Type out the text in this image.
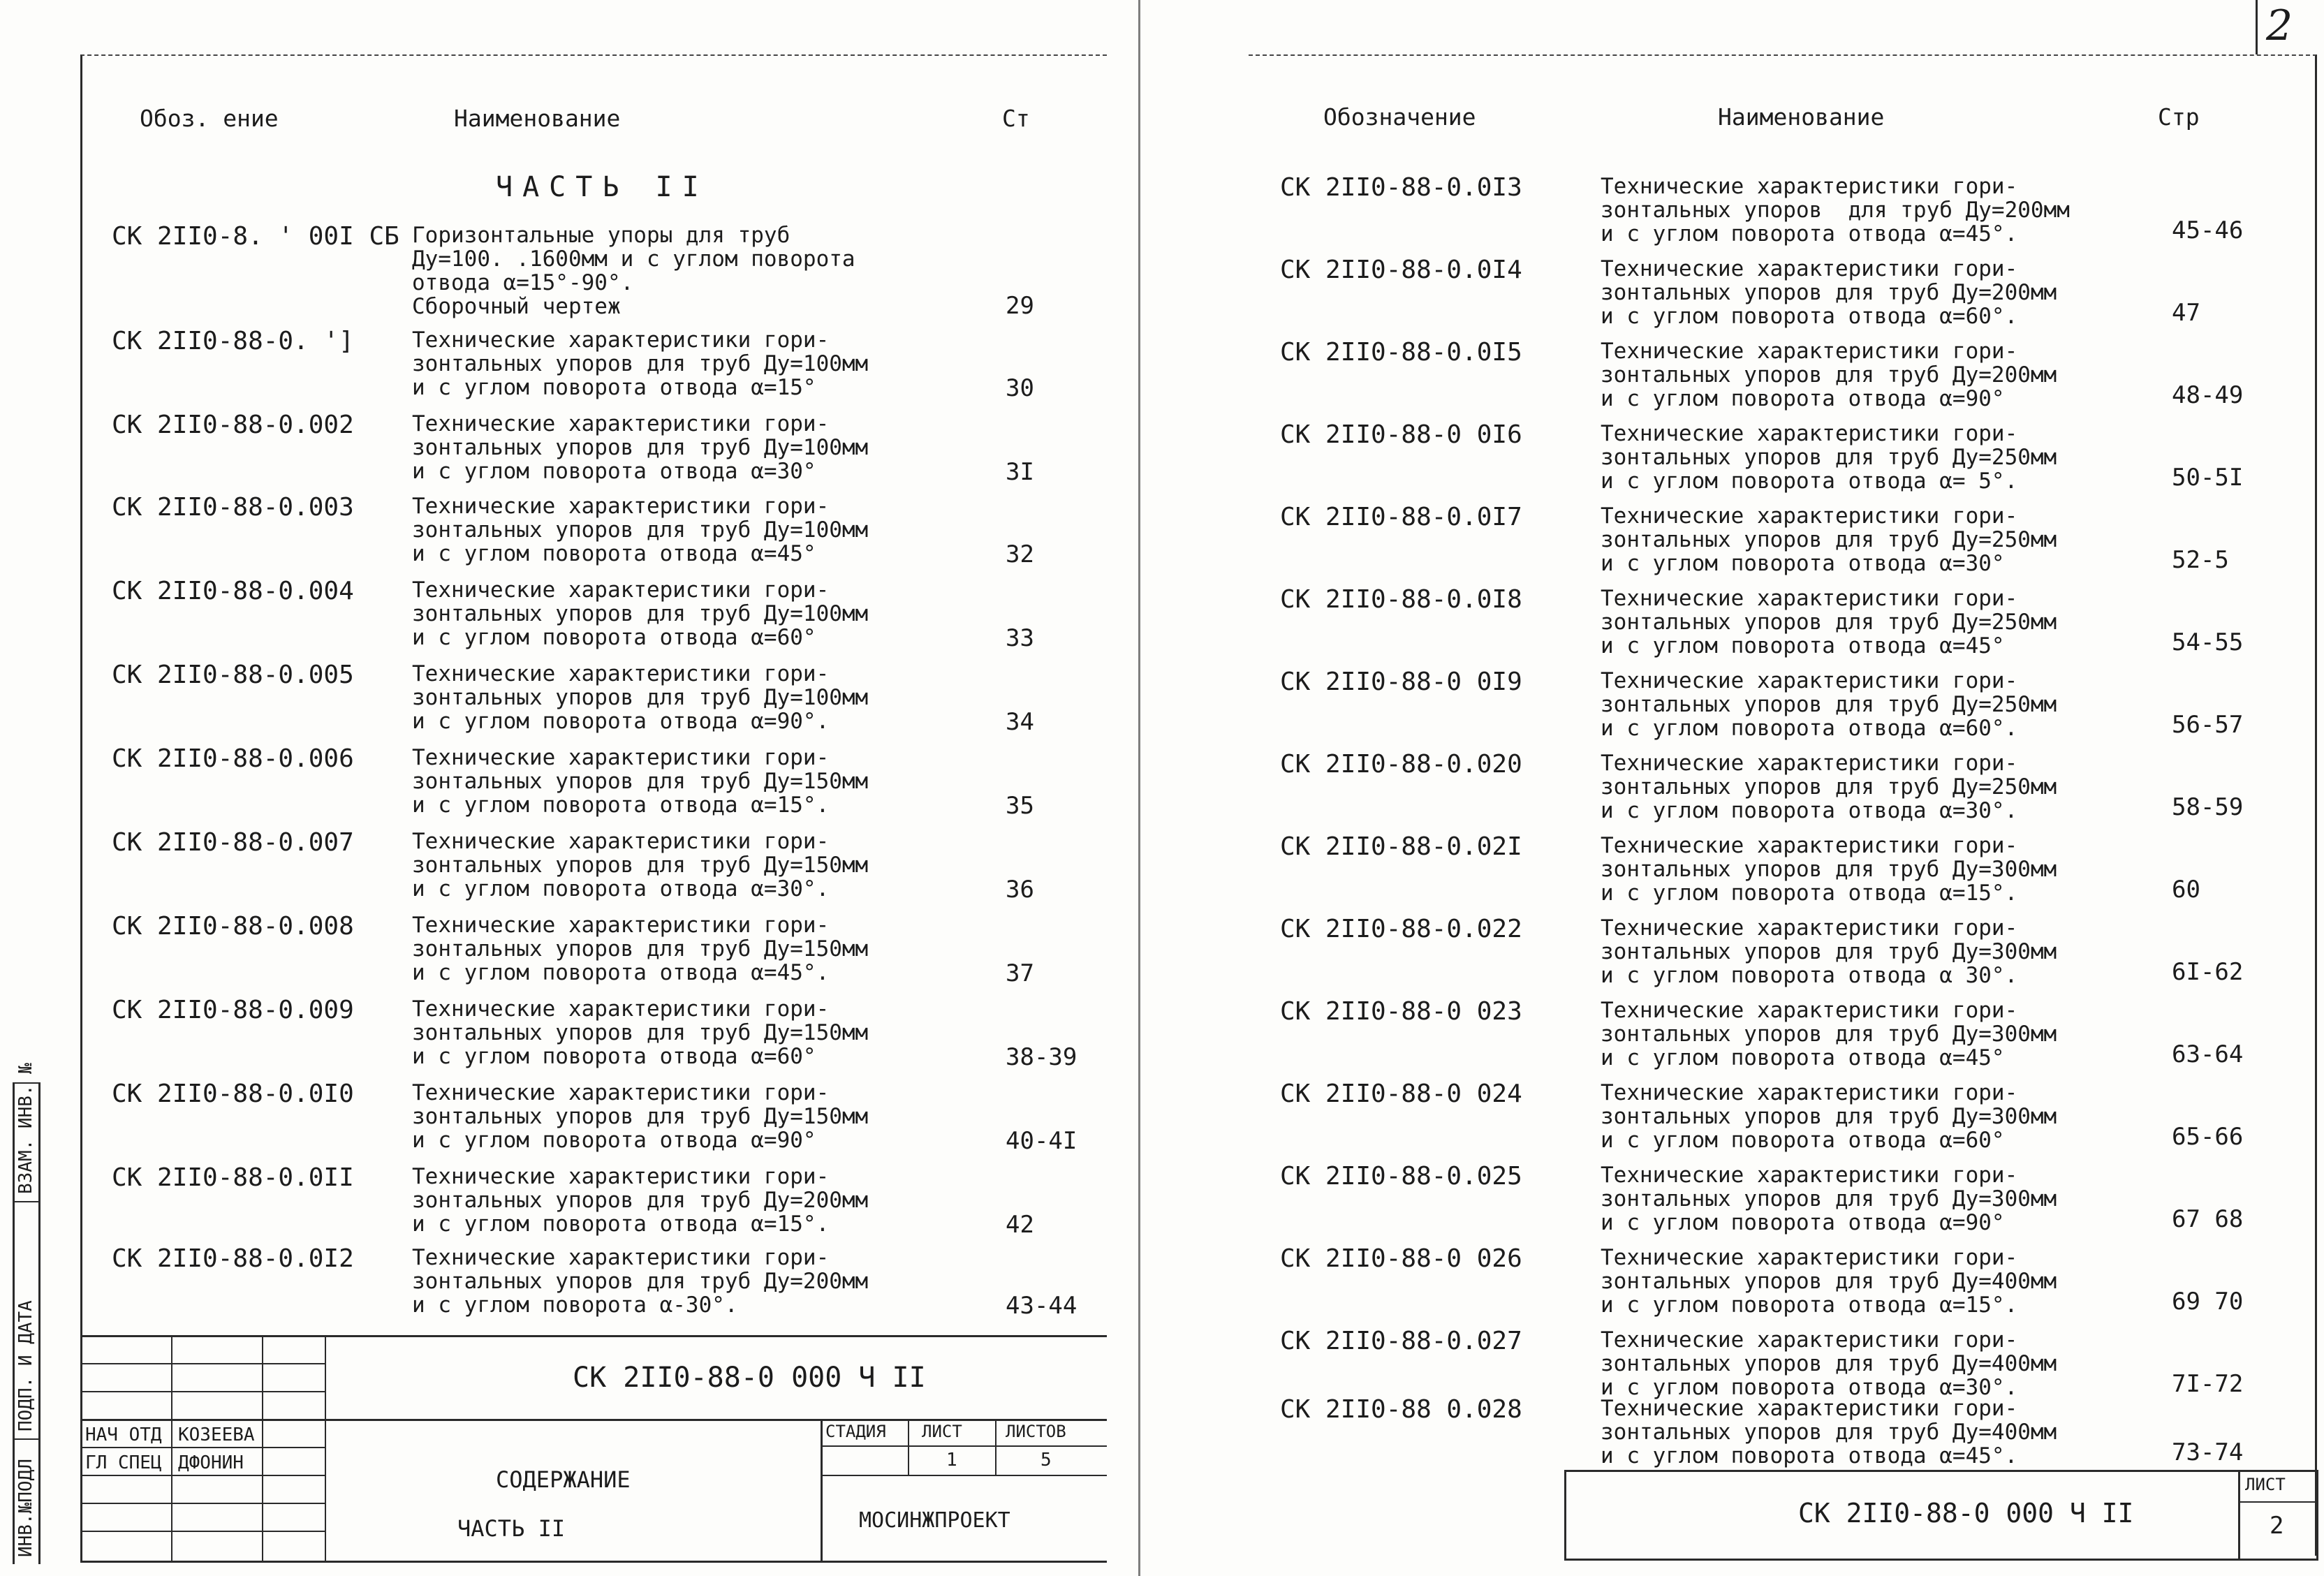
Обоз. ение	Наименование	Ст
ЧАСТЬ II
СК 2II0-8. ' 00I СБ Горизонтальные упоры для труб
Ду=100. .1600мм и с углом поворота
отвода α=15°-90°.
Сборочный чертеж	29
СК 2II0-88-0. ']	Технические характеристики гори-
зонтальных упоров для труб Ду=100мм
и с углом поворота отвода α=15°	30
СК 2II0-88-0.002	Технические характеристики гори-
зонтальных упоров для труб Ду=100мм
и с углом поворота отвода α=30°	3I
СК 2II0-88-0.003	Технические характеристики гори-
зонтальных упоров для труб Ду=100мм
и с углом поворота отвода α=45°	32
СК 2II0-88-0.004	Технические характеристики гори-
зонтальных упоров для труб Ду=100мм
и с углом поворота отвода α=60°	33
СК 2II0-88-0.005	Технические характеристики гори-
зонтальных упоров для труб Ду=100мм
и с углом поворота отвода α=90°.	34
СК 2II0-88-0.006	Технические характеристики гори-
зонтальных упоров для труб Ду=150мм
и с углом поворота отвода α=15°.	35
СК 2II0-88-0.007	Технические характеристики гори-
зонтальных упоров для труб Ду=150мм
и с углом поворота отвода α=30°.	36
СК 2II0-88-0.008	Технические характеристики гори-
зонтальных упоров для труб Ду=150мм
и с углом поворота отвода α=45°.	37
СК 2II0-88-0.009	Технические характеристики гори-
зонтальных упоров для труб Ду=150мм
и с углом поворота отвода α=60°	38-39
СК 2II0-88-0.0I0	Технические характеристики гори-
зонтальных упоров для труб Ду=150мм
и с углом поворота отвода α=90°	40-4I
СК 2II0-88-0.0II	Технические характеристики гори-
зонтальных упоров для труб Ду=200мм
и с углом поворота отвода α=15°.	42
СК 2II0-88-0.0I2	Технические характеристики гори-
зонтальных упоров для труб Ду=200мм
и с углом поворота α-30°.	43-44
СК 2II0-88-0 000 Ч II
НАЧ ОТД КОЗЕЕВА
ГЛ СПЕЦ ДФОНИН
СОДЕРЖАНИЕ
ЧАСТЬ II
СТАДИЯ ЛИСТ	ЛИСТОВ
1	5
МОСИНЖПРОЕКТ
ИНВ.№ПОДЛ
ПОДП. И ДАТА
ВЗАМ. ИНВ. №
2
Обозначение	Наименование	Стр
СК 2II0-88-0.0I3	Технические характеристики гори-
зонтальных упоров  для труб Ду=200мм
и с углом поворота отвода α=45°.	45-46
СК 2II0-88-0.0I4	Технические характеристики гори-
зонтальных упоров для труб Ду=200мм
и с углом поворота отвода α=60°.	47
СК 2II0-88-0.0I5	Технические характеристики гори-
зонтальных упоров для труб Ду=200мм
и с углом поворота отвода α=90°	48-49
СК 2II0-88-0 0I6	Технические характеристики гори-
зонтальных упоров для труб Ду=250мм
и с углом поворота отвода α= 5°.	50-5I
СК 2II0-88-0.0I7	Технические характеристики гори-
зонтальных упоров для труб Ду=250мм
и с углом поворота отвода α=30°	52-5
СК 2II0-88-0.0I8	Технические характеристики гори-
зонтальных упоров для труб Ду=250мм
и с углом поворота отвода α=45°	54-55
СК 2II0-88-0 0I9	Технические характеристики гори-
зонтальных упоров для труб Ду=250мм
и с углом поворота отвода α=60°.	56-57
СК 2II0-88-0.020	Технические характеристики гори-
зонтальных упоров для труб Ду=250мм
и с углом поворота отвода α=30°.	58-59
СК 2II0-88-0.02I	Технические характеристики гори-
зонтальных упоров для труб Ду=300мм
и с углом поворота отвода α=15°.	60
СК 2II0-88-0.022	Технические характеристики гори-
зонтальных упоров для труб Ду=300мм
и с углом поворота отвода α 30°.	6I-62
СК 2II0-88-0 023	Технические характеристики гори-
зонтальных упоров для труб Ду=300мм
и с углом поворота отвода α=45°	63-64
СК 2II0-88-0 024	Технические характеристики гори-
зонтальных упоров для труб Ду=300мм
и с углом поворота отвода α=60°	65-66
СК 2II0-88-0.025	Технические характеристики гори-
зонтальных упоров для труб Ду=300мм
и с углом поворота отвода α=90°	67 68
СК 2II0-88-0 026	Технические характеристики гори-
зонтальных упоров для труб Ду=400мм
и с углом поворота отвода α=15°.	69 70
СК 2II0-88-0.027	Технические характеристики гори-
зонтальных упоров для труб Ду=400мм
и с углом поворота отвода α=30°.	7I-72
СК 2II0-88 0.028	Технические характеристики гори-
зонтальных упоров для труб Ду=400мм
и с углом поворота отвода α=45°.	73-74
СК 2II0-88-0 000 Ч II
ЛИСТ
2
